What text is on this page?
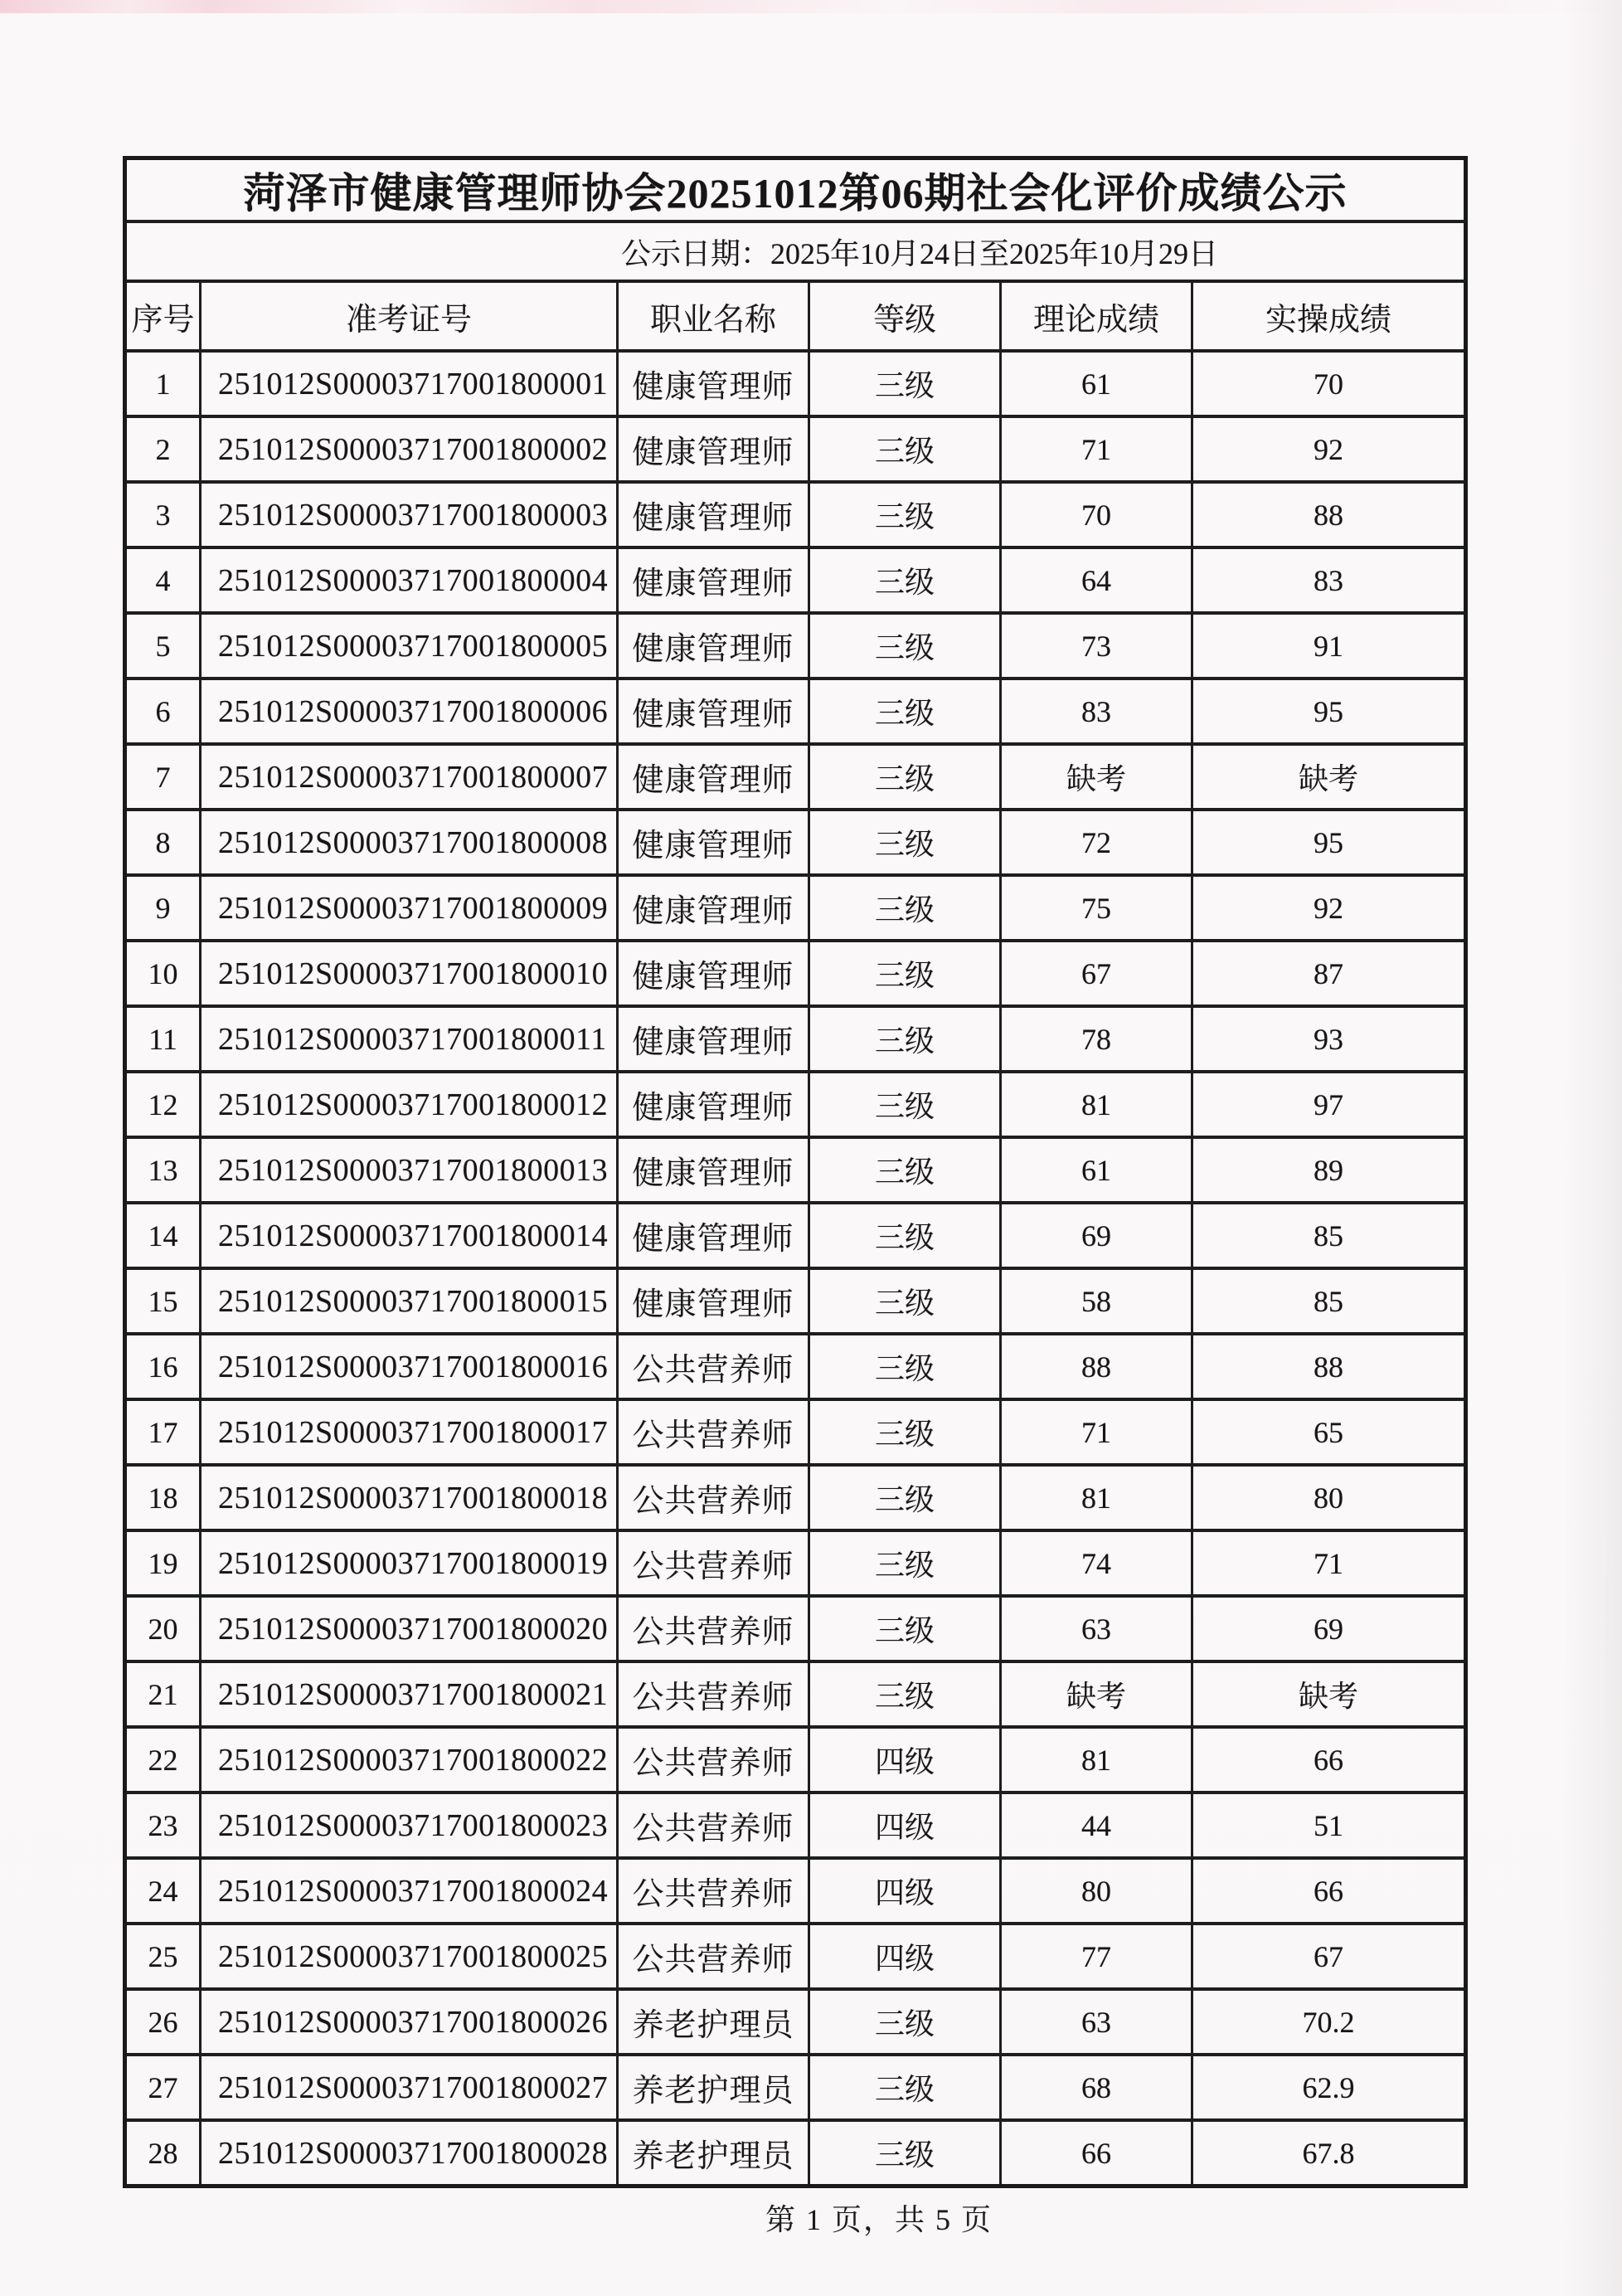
菏泽市健康管理师协会20251012第06期社会化评价成绩公示					
公示日期：2025年10月24日至2025年10月29日					
序号	准考证号	职业名称	等级	理论成绩	实操成绩
1	251012S00003717001800001	健康管理师	三级	61	70
2	251012S00003717001800002	健康管理师	三级	71	92
3	251012S00003717001800003	健康管理师	三级	70	88
4	251012S00003717001800004	健康管理师	三级	64	83
5	251012S00003717001800005	健康管理师	三级	73	91
6	251012S00003717001800006	健康管理师	三级	83	95
7	251012S00003717001800007	健康管理师	三级	缺考	缺考
8	251012S00003717001800008	健康管理师	三级	72	95
9	251012S00003717001800009	健康管理师	三级	75	92
10	251012S00003717001800010	健康管理师	三级	67	87
11	251012S00003717001800011	健康管理师	三级	78	93
12	251012S00003717001800012	健康管理师	三级	81	97
13	251012S00003717001800013	健康管理师	三级	61	89
14	251012S00003717001800014	健康管理师	三级	69	85
15	251012S00003717001800015	健康管理师	三级	58	85
16	251012S00003717001800016	公共营养师	三级	88	88
17	251012S00003717001800017	公共营养师	三级	71	65
18	251012S00003717001800018	公共营养师	三级	81	80
19	251012S00003717001800019	公共营养师	三级	74	71
20	251012S00003717001800020	公共营养师	三级	63	69
21	251012S00003717001800021	公共营养师	三级	缺考	缺考
22	251012S00003717001800022	公共营养师	四级	81	66
23	251012S00003717001800023	公共营养师	四级	44	51
24	251012S00003717001800024	公共营养师	四级	80	66
25	251012S00003717001800025	公共营养师	四级	77	67
26	251012S00003717001800026	养老护理员	三级	63	70.2
27	251012S00003717001800027	养老护理员	三级	68	62.9
28	251012S00003717001800028	养老护理员	三级	66	67.8
第 1 页，共 5 页
